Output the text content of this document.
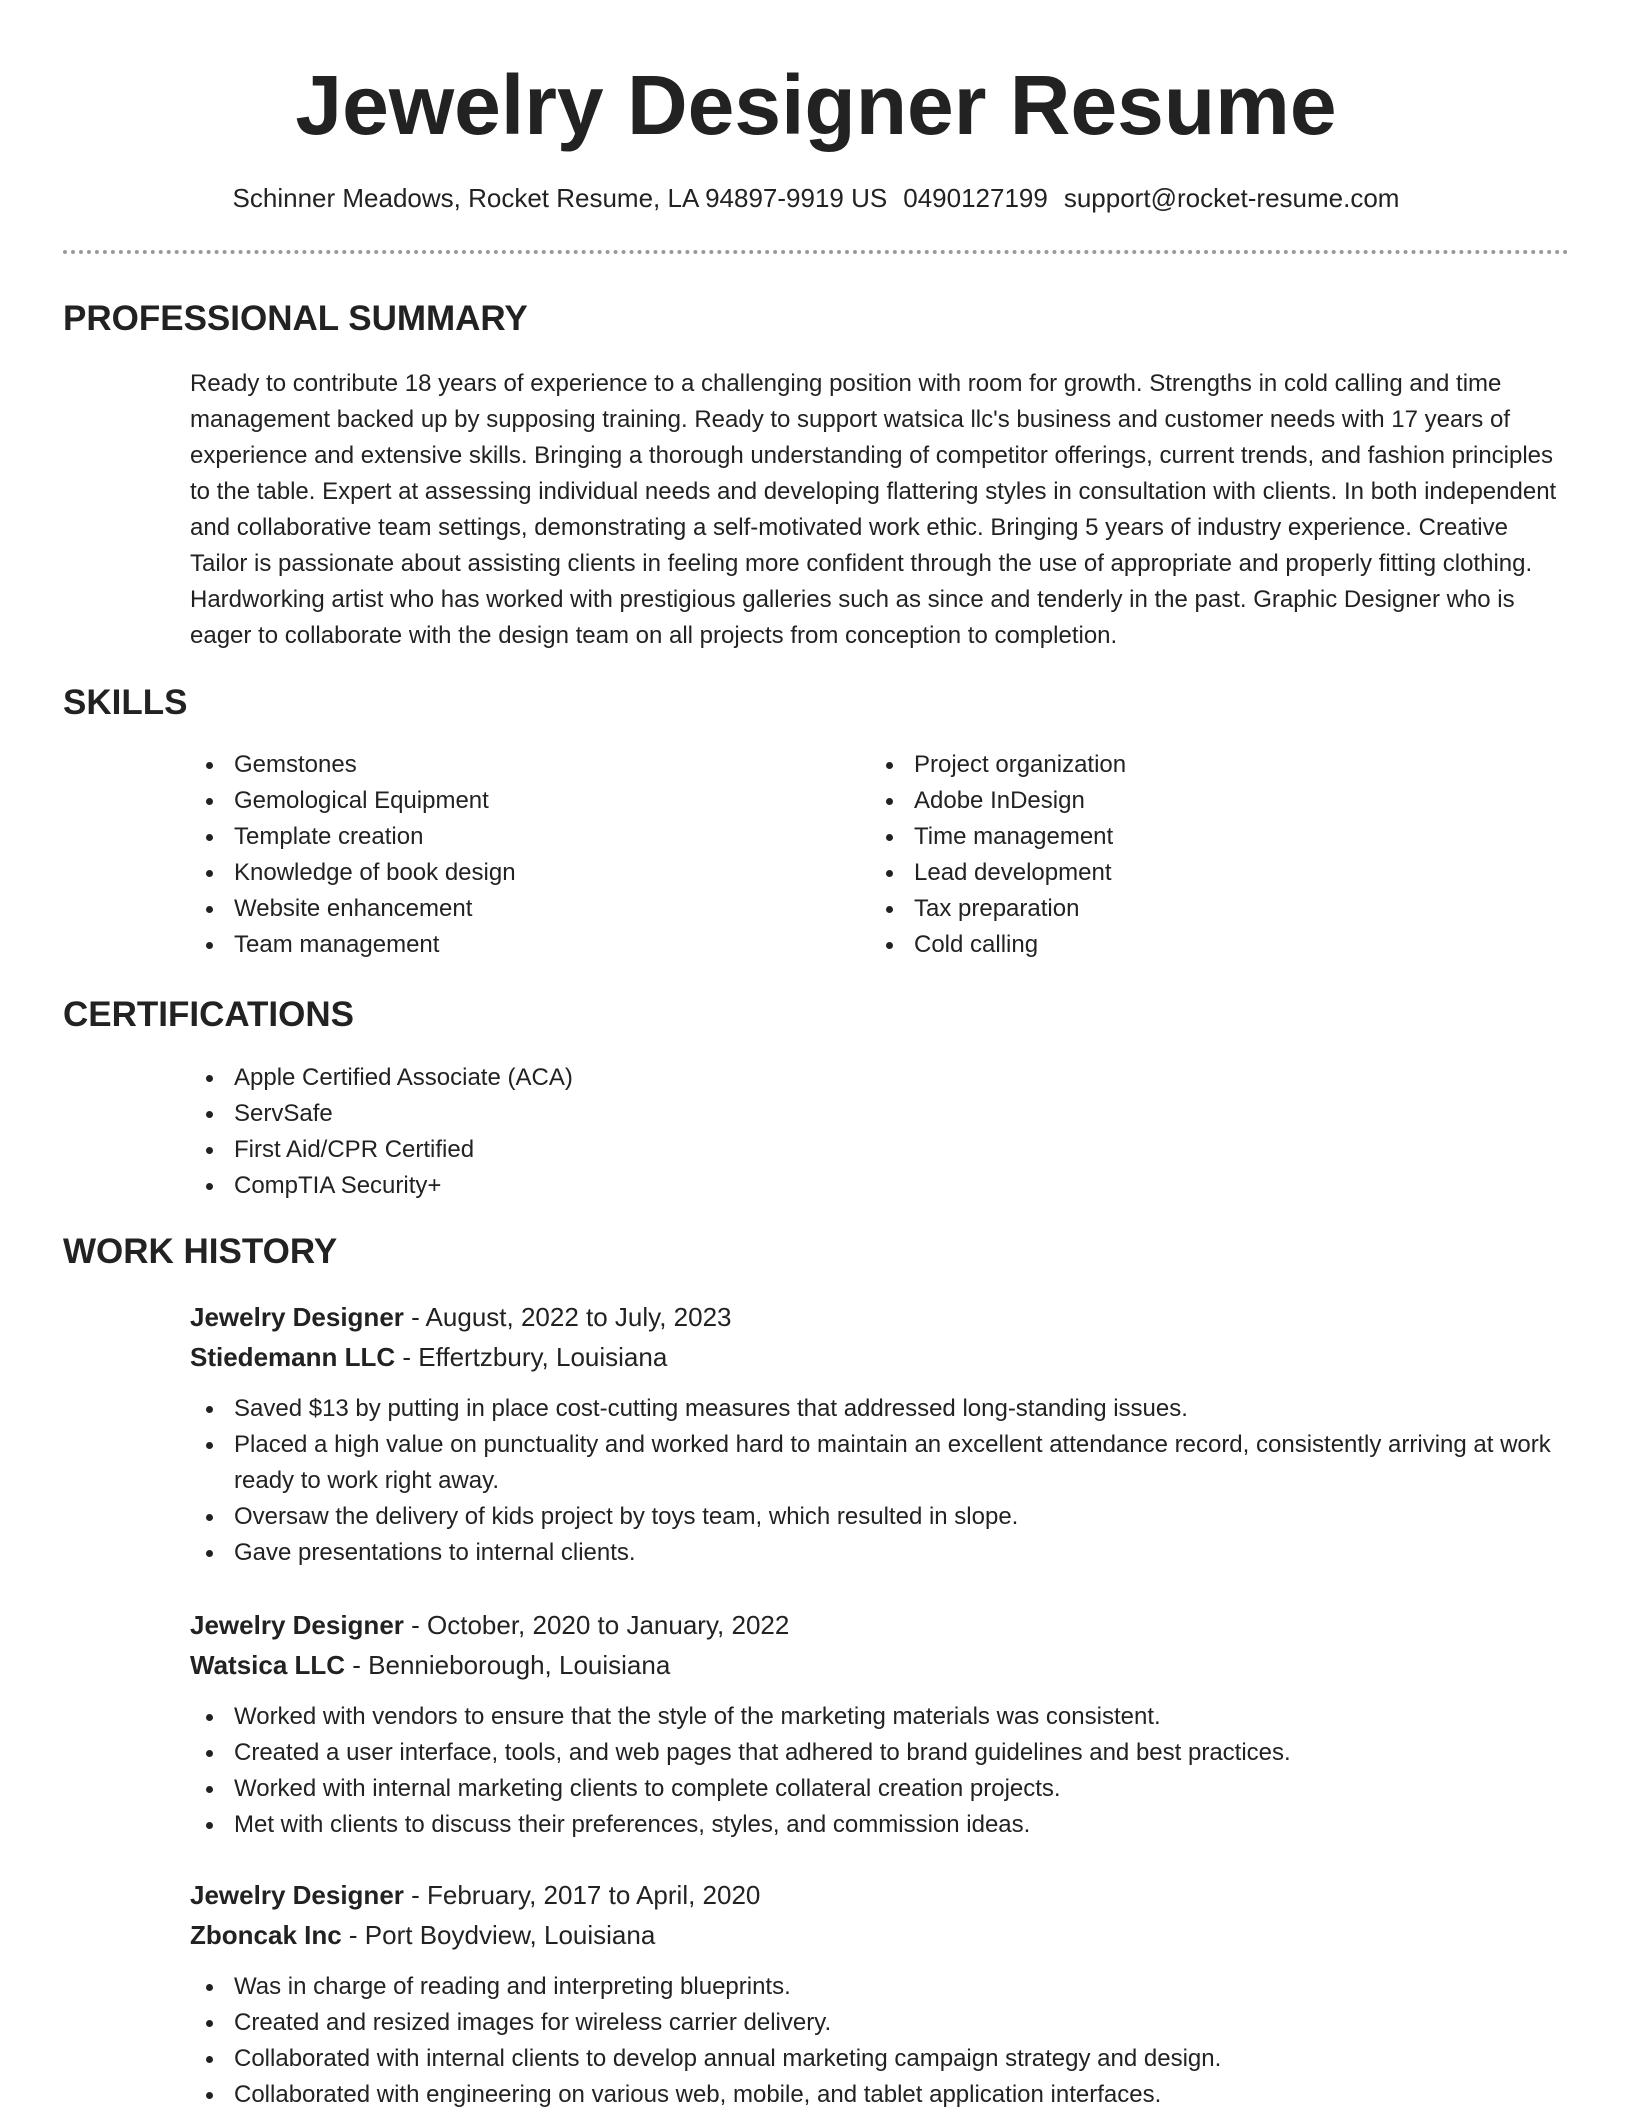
Jewelry Designer Resume
Schinner Meadows, Rocket Resume, LA 94897-9919 US 0490127199 support@rocket-resume.com
PROFESSIONAL SUMMARY

Ready to contribute 18 years of experience to a challenging position with room for growth. Strengths in cold calling and time management backed up by supposing training. Ready to support watsica llc's business and customer needs with 17 years of experience and extensive skills. Bringing a thorough understanding of competitor offerings, current trends, and fashion principles to the table. Expert at assessing individual needs and developing flattering styles in consultation with clients. In both independent and collaborative team settings, demonstrating a self-motivated work ethic. Bringing 5 years of industry experience. Creative Tailor is passionate about assisting clients in feeling more confident through the use of appropriate and properly fitting clothing. Hardworking artist who has worked with prestigious galleries such as since and tenderly in the past. Graphic Designer who is eager to collaborate with the design team on all projects from conception to completion.

SKILLS
Gemstones
Gemological Equipment
Template creation
Knowledge of book design
Website enhancement
Team management
Project organization
Adobe InDesign
Time management
Lead development
Tax preparation
Cold calling
CERTIFICATIONS
Apple Certified Associate (ACA)
ServSafe
First Aid/CPR Certified
CompTIA Security+
WORK HISTORY
Jewelry Designer - August, 2022 to July, 2023
Stiedemann LLC - Effertzbury, Louisiana
Saved $13 by putting in place cost-cutting measures that addressed long-standing issues.
Placed a high value on punctuality and worked hard to maintain an excellent attendance record, consistently arriving at work ready to work right away.
Oversaw the delivery of kids project by toys team, which resulted in slope.
Gave presentations to internal clients.
Jewelry Designer - October, 2020 to January, 2022
Watsica LLC - Bennieborough, Louisiana
Worked with vendors to ensure that the style of the marketing materials was consistent.
Created a user interface, tools, and web pages that adhered to brand guidelines and best practices.
Worked with internal marketing clients to complete collateral creation projects.
Met with clients to discuss their preferences, styles, and commission ideas.
Jewelry Designer - February, 2017 to April, 2020
Zboncak Inc - Port Boydview, Louisiana
Was in charge of reading and interpreting blueprints.
Created and resized images for wireless carrier delivery.
Collaborated with internal clients to develop annual marketing campaign strategy and design.
Collaborated with engineering on various web, mobile, and tablet application interfaces.
